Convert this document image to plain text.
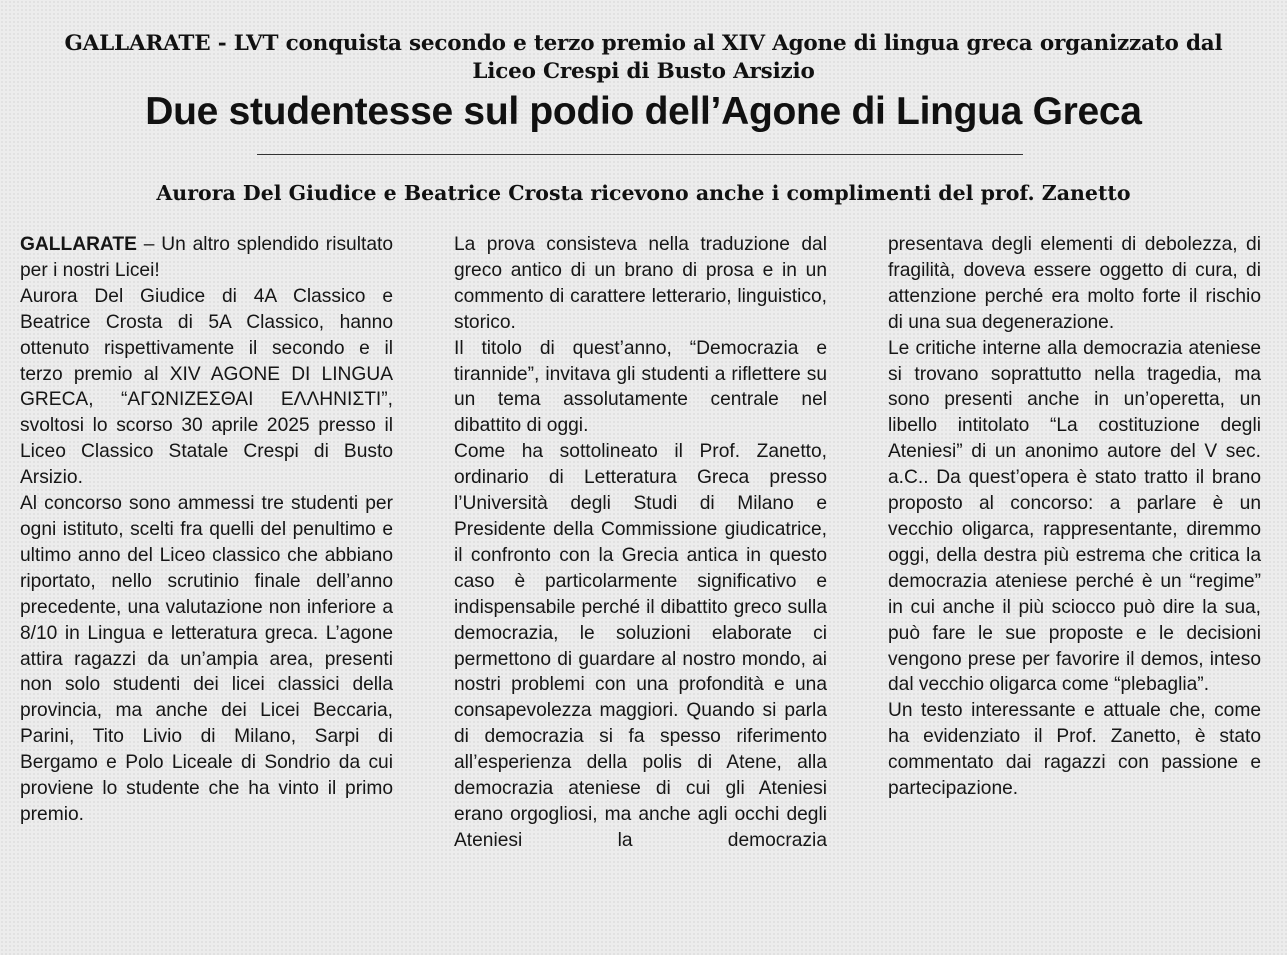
GALLARATE - LVT conquista secondo e terzo premio al XIV Agone di lingua greca organizzato dal
Liceo Crespi di Busto Arsizio
Due studentesse sul podio dell’Agone di Lingua Greca
Aurora Del Giudice e Beatrice Crosta ricevono anche i complimenti del prof. Zanetto

GALLARATE – Un altro splendido risultato per i nostri Licei!

Aurora Del Giudice di 4A Classico e Beatrice Crosta di 5A Classico, hanno ottenuto rispettivamente il secondo e il terzo premio al XIV AGONE DI LINGUA GRECA, “ΑΓΩΝΙΖΕΣΘΑΙ ΕΛΛΗΝΙΣΤΙ”, svoltosi lo scorso 30 aprile 2025 presso il Liceo Classico Statale Crespi di Busto Arsizio.

Al concorso sono ammessi tre studenti per ogni istituto, scelti fra quelli del penultimo e ultimo anno del Liceo classico che abbiano riportato, nello scrutinio finale dell’anno precedente, una valutazione non inferiore a 8/10 in Lingua e letteratura greca. L’agone attira ragazzi da un’ampia area, presenti non solo studenti dei licei classici della provincia, ma anche dei Licei Beccaria, Parini, Tito Livio di Milano, Sarpi di Bergamo e Polo Liceale di Sondrio da cui proviene lo studente che ha vinto il primo premio.

La prova consisteva nella traduzione dal greco antico di un brano di prosa e in un commento di carattere letterario, linguistico, storico.

Il titolo di quest’anno, “Democrazia e tirannide”, invitava gli studenti a riflettere su un tema assolutamente centrale nel dibattito di oggi.

Come ha sottolineato il Prof. Zanetto, ordinario di Letteratura Greca presso l’Università degli Studi di Milano e Presidente della Commissione giudicatrice, il confronto con la Grecia antica in questo caso è particolarmente significativo e indispensabile perché il dibattito greco sulla democrazia, le soluzioni elaborate ci permettono di guardare al nostro mondo, ai nostri problemi con una profondità e una consapevolezza maggiori. Quando si parla di democrazia si fa spesso riferimento all’esperienza della polis di Atene, alla democrazia ateniese di cui gli Ateniesi erano orgogliosi, ma anche agli occhi degli Ateniesi la democrazia

presentava degli elementi di debolezza, di fragilità, doveva essere oggetto di cura, di attenzione perché era molto forte il rischio di una sua degenerazione.

Le critiche interne alla democrazia ateniese si trovano soprattutto nella tragedia, ma sono presenti anche in un’operetta, un libello intitolato “La costituzione degli Ateniesi” di un anonimo autore del V sec. a.C.. Da quest’opera è stato tratto il brano proposto al concorso: a parlare è un vecchio oligarca, rappresentante, diremmo oggi, della destra più estrema che critica la democrazia ateniese perché è un “regime” in cui anche il più sciocco può dire la sua, può fare le sue proposte e le decisioni vengono prese per favorire il demos, inteso dal vecchio oligarca come “plebaglia”.

Un testo interessante e attuale che, come ha evidenziato il Prof. Zanetto, è stato commentato dai ragazzi con passione e partecipazione.
